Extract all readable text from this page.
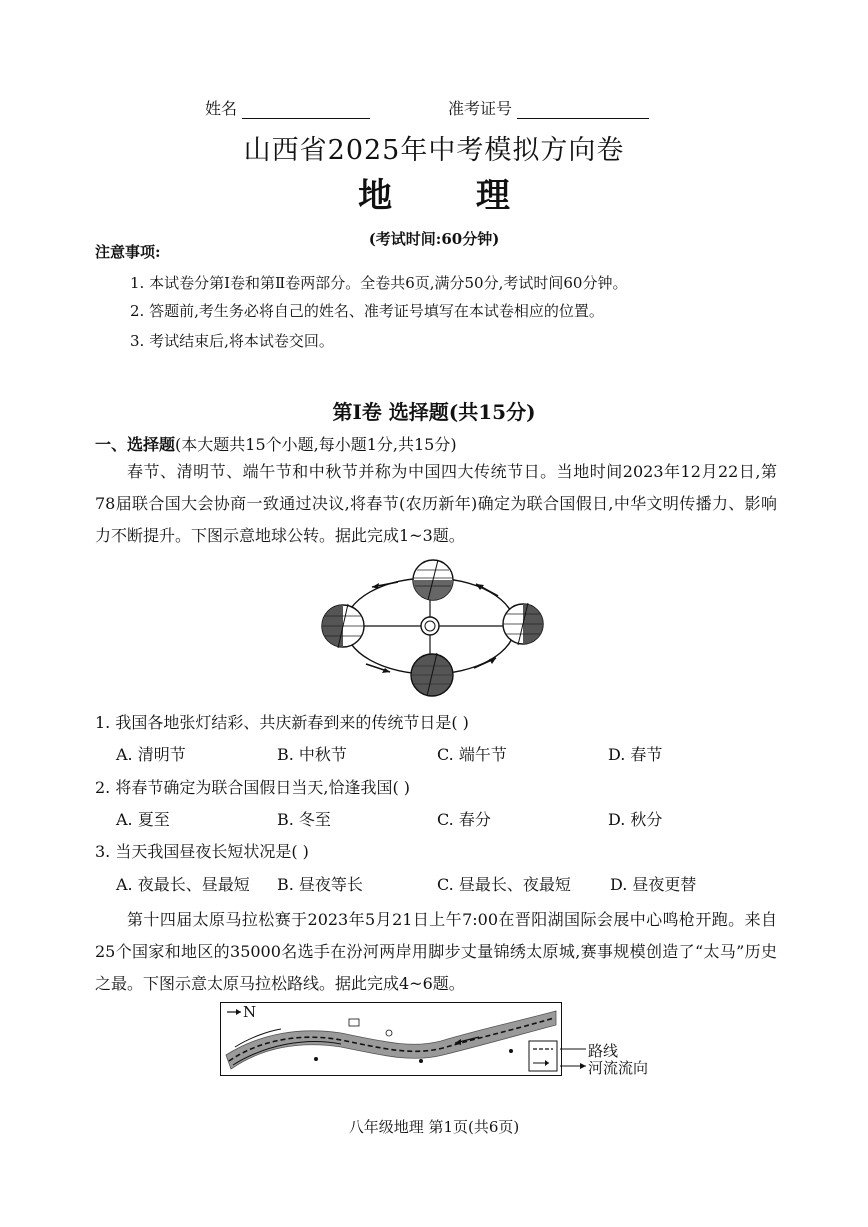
姓名	准考证号
山西省2025年中考模拟方向卷
地 理
(考试时间:60分钟)
注意事项:
1. 本试卷分第Ⅰ卷和第Ⅱ卷两部分。全卷共6页,满分50分,考试时间60分钟。
2. 答题前,考生务必将自己的姓名、准考证号填写在本试卷相应的位置。
3. 考试结束后,将本试卷交回。
第Ⅰ卷 选择题(共15分)
一、选择题(本大题共15个小题,每小题1分,共15分)
春节、清明节、端午节和中秋节并称为中国四大传统节日。当地时间2023年12月22日,第78届联合国大会协商一致通过决议,将春节(农历新年)确定为联合国假日,中华文明传播力、影响力不断提升。下图示意地球公转。据此完成1~3题。
1. 我国各地张灯结彩、共庆新春到来的传统节日是( )
A. 清明节	B. 中秋节	C. 端午节	D. 春节
2. 将春节确定为联合国假日当天,恰逢我国( )
A. 夏至	B. 冬至	C. 春分	D. 秋分
3. 当天我国昼夜长短状况是( )
A. 夜最长、昼最短 B. 昼夜等长	C. 昼最长、夜最短 D. 昼夜更替
第十四届太原马拉松赛于2023年5月21日上午7:00在晋阳湖国际会展中心鸣枪开跑。来自25个国家和地区的35000名选手在汾河两岸用脚步丈量锦绣太原城,赛事规模创造了“太马”历史之最。下图示意太原马拉松路线。据此完成4~6题。
N
路线
河流流向
八年级地理 第1页(共6页)
